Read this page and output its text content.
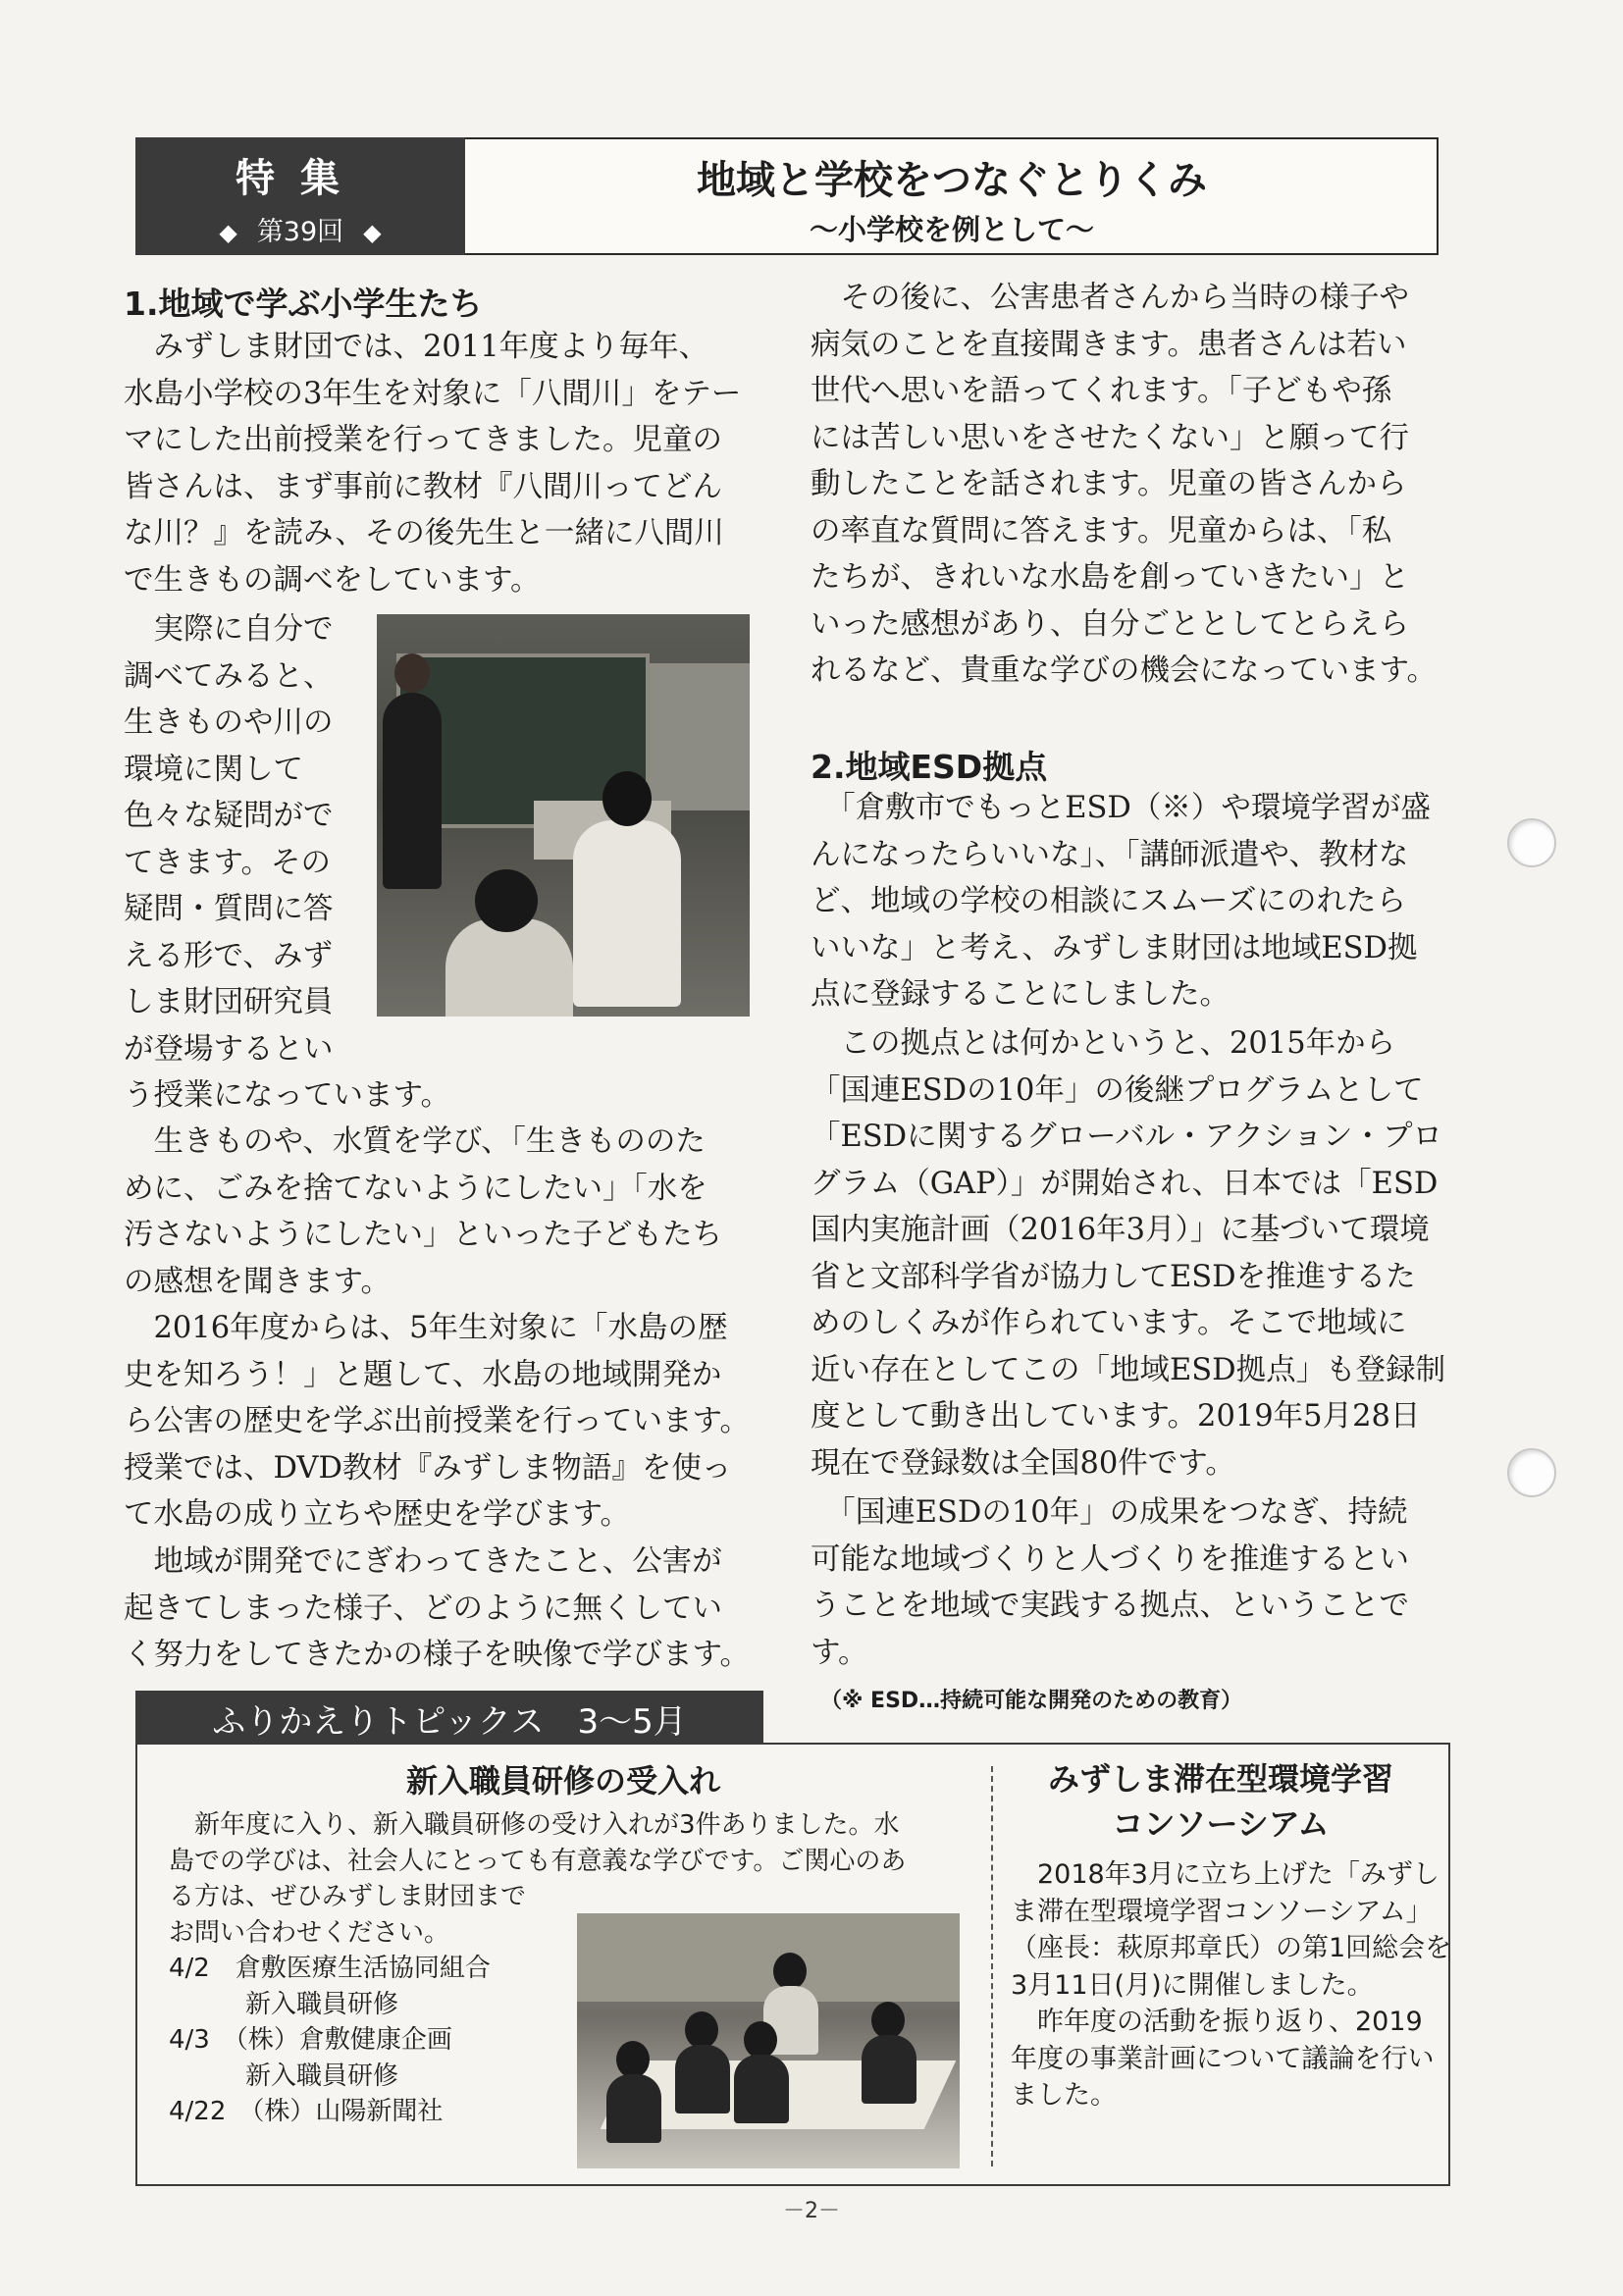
特集
◆ 第39回 ◆
地域と学校をつなぐとりくみ
～小学校を例として～
1.地域で学ぶ小学生たち
　みずしま財団では、2011年度より毎年、
水島小学校の3年生を対象に「八間川」をテー
マにした出前授業を行ってきました。児童の
皆さんは、まず事前に教材『八間川ってどん
な川？』を読み、その後先生と一緒に八間川
で生きもの調べをしています。
　実際に自分で
調べてみると、
生きものや川の
環境に関して
色々な疑問がで
てきます。その
疑問・質問に答
える形で、みず
しま財団研究員
が登場するとい
う授業になっています。
　生きものや、水質を学び、「生きもののた
めに、ごみを捨てないようにしたい」「水を
汚さないようにしたい」といった子どもたち
の感想を聞きます。
　2016年度からは、5年生対象に「水島の歴
史を知ろう！」と題して、水島の地域開発か
ら公害の歴史を学ぶ出前授業を行っています。
授業では、DVD教材『みずしま物語』を使っ
て水島の成り立ちや歴史を学びます。
　地域が開発でにぎわってきたこと、公害が
起きてしまった様子、どのように無くしてい
く努力をしてきたかの様子を映像で学びます。
　その後に、公害患者さんから当時の様子や
病気のことを直接聞きます。患者さんは若い
世代へ思いを語ってくれます。「子どもや孫
には苦しい思いをさせたくない」と願って行
動したことを話されます。児童の皆さんから
の率直な質問に答えます。児童からは、「私
たちが、きれいな水島を創っていきたい」と
いった感想があり、自分ごととしてとらえら
れるなど、貴重な学びの機会になっています。
2.地域ESD拠点
　「倉敷市でもっとESD（※）や環境学習が盛
んになったらいいな」、「講師派遣や、教材な
ど、地域の学校の相談にスムーズにのれたら
いいな」と考え、みずしま財団は地域ESD拠
点に登録することにしました。
　この拠点とは何かというと、2015年から
「国連ESDの10年」の後継プログラムとして
「ESDに関するグローバル・アクション・プロ
グラム（GAP）」が開始され、日本では「ESD
国内実施計画（2016年3月）」に基づいて環境
省と文部科学省が協力してESDを推進するた
めのしくみが作られています。そこで地域に
近い存在としてこの「地域ESD拠点」も登録制
度として動き出しています。2019年5月28日
現在で登録数は全国80件です。
　「国連ESDの10年」の成果をつなぎ、持続
可能な地域づくりと人づくりを推進するとい
うことを地域で実践する拠点、ということで
す。
（※ ESD…持続可能な開発のための教育）
ふりかえりトピックス　3～5月
新入職員研修の受入れ
　新年度に入り、新入職員研修の受け入れが3件ありました。水
島での学びは、社会人にとっても有意義な学びです。ご関心のあ
る方は、ぜひみずしま財団まで
お問い合わせください。
4/2　倉敷医療生活協同組合
　　　新入職員研修
4/3　（株）倉敷健康企画
　　　新入職員研修
4/22　（株）山陽新聞社
みずしま滞在型環境学習
コンソーシアム
　2018年3月に立ち上げた「みずし
ま滞在型環境学習コンソーシアム」
（座長：萩原邦章氏）の第1回総会を
3月11日(月)に開催しました。
　昨年度の活動を振り返り、2019
年度の事業計画について議論を行い
ました。
－2－
